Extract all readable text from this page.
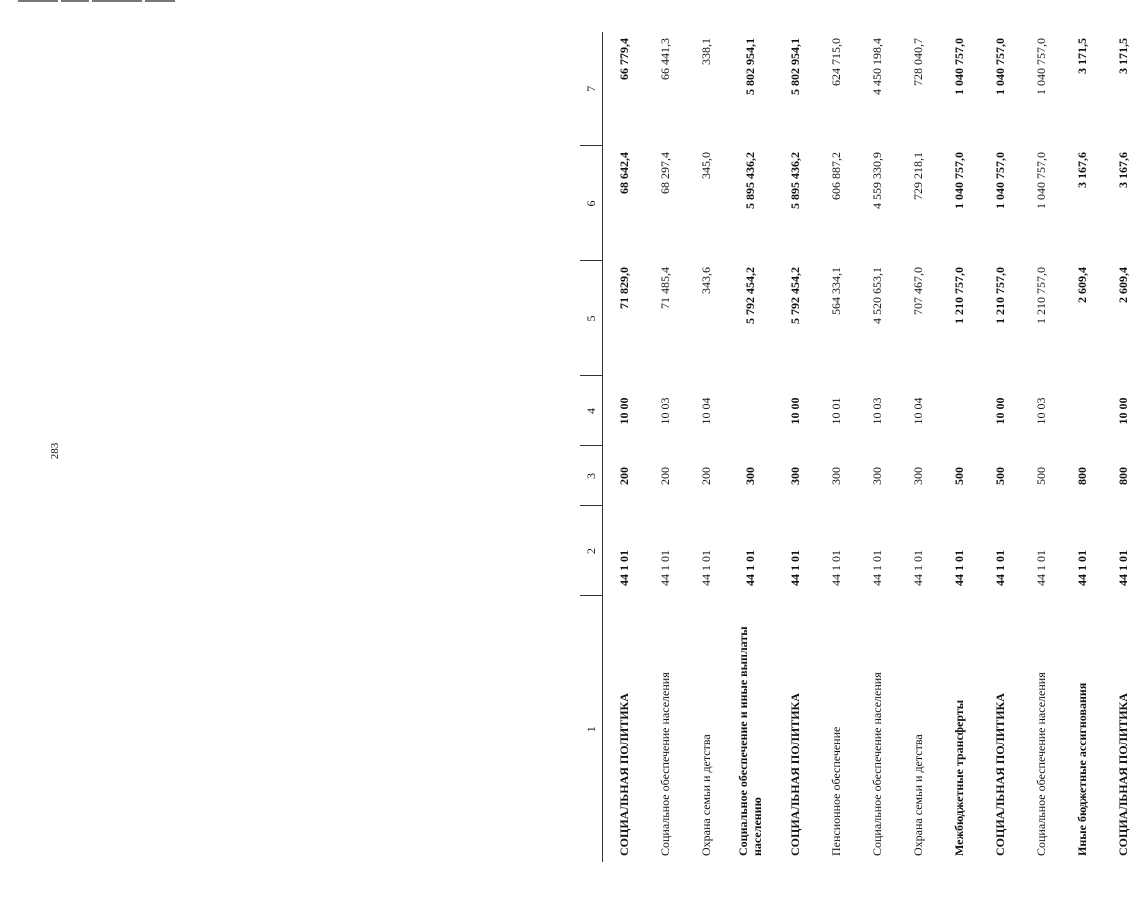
283
1	2	3	4	5	6	7
СОЦИАЛЬНАЯ ПОЛИТИКА	44 1 01	200	10 00	71 829,0	68 642,4	66 779,4
Социальное обеспечение населения	44 1 01	200	10 03	71 485,4	68 297,4	66 441,3
Охрана семьи и детства	44 1 01	200	10 04	343,6	345,0	338,1
Социальное обеспечение и иные выплаты населению	44 1 01	300		5 792 454,2	5 895 436,2	5 802 954,1
СОЦИАЛЬНАЯ ПОЛИТИКА	44 1 01	300	10 00	5 792 454,2	5 895 436,2	5 802 954,1
Пенсионное обеспечение	44 1 01	300	10 01	564 334,1	606 887,2	624 715,0
Социальное обеспечение населения	44 1 01	300	10 03	4 520 653,1	4 559 330,9	4 450 198,4
Охрана семьи и детства	44 1 01	300	10 04	707 467,0	729 218,1	728 040,7
Межбюджетные трансферты	44 1 01	500		1 210 757,0	1 040 757,0	1 040 757,0
СОЦИАЛЬНАЯ ПОЛИТИКА	44 1 01	500	10 00	1 210 757,0	1 040 757,0	1 040 757,0
Социальное обеспечение населения	44 1 01	500	10 03	1 210 757,0	1 040 757,0	1 040 757,0
Иные бюджетные ассигнования	44 1 01	800		2 609,4	3 167,6	3 171,5
СОЦИАЛЬНАЯ ПОЛИТИКА	44 1 01	800	10 00	2 609,4	3 167,6	3 171,5
